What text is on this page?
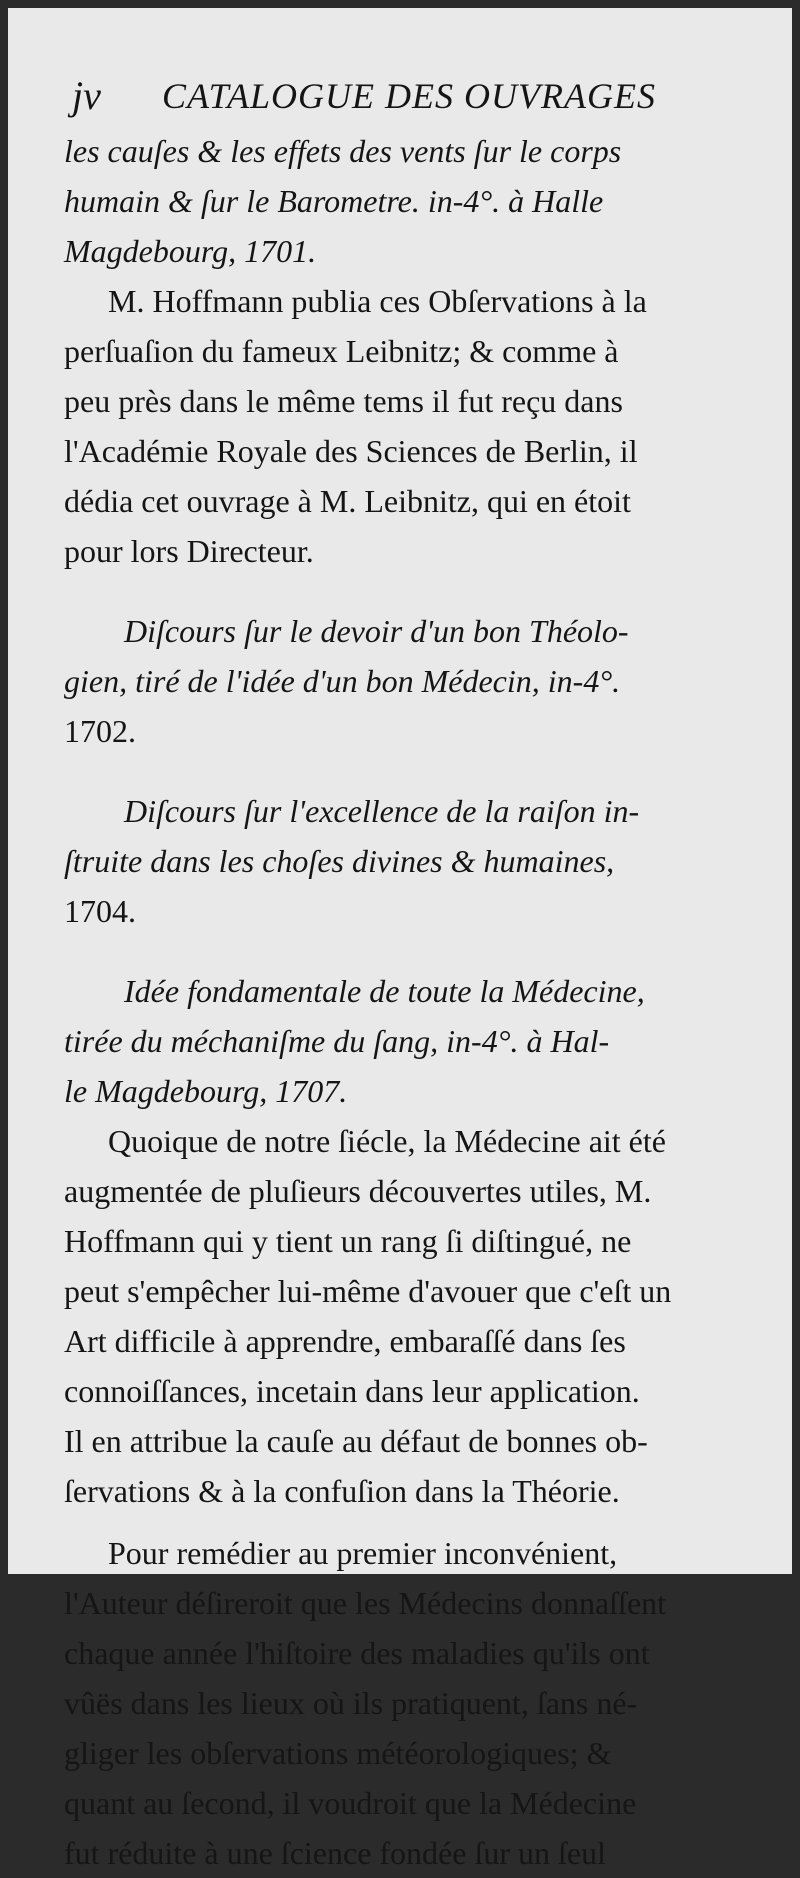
jv CATALOGUE DES OUVRAGES
les cauſes & les effets des vents ſur le corps
humain & ſur le Barometre. in-4°. à Halle
Magdebourg, 1701.
M. Hoffmann publia ces Obſervations à la
perſuaſion du fameux Leibnitz; & comme à
peu près dans le même tems il fut reçu dans
l'Académie Royale des Sciences de Berlin, il
dédia cet ouvrage à M. Leibnitz, qui en étoit
pour lors Directeur.
Diſcours ſur le devoir d'un bon Théolo-
gien, tiré de l'idée d'un bon Médecin, in-4°.
1702.
Diſcours ſur l'excellence de la raiſon in-
ſtruite dans les choſes divines & humaines,
1704.
Idée fondamentale de toute la Médecine,
tirée du méchaniſme du ſang, in-4°. à Hal-
le Magdebourg, 1707.
Quoique de notre ſiécle, la Médecine ait été
augmentée de pluſieurs découvertes utiles, M.
Hoffmann qui y tient un rang ſi diſtingué, ne
peut s'empêcher lui-même d'avouer que c'eſt un
Art difficile à apprendre, embaraſſé dans ſes
connoiſſances, incetain dans leur application.
Il en attribue la cauſe au défaut de bonnes ob-
ſervations & à la confuſion dans la Théorie.
Pour remédier au premier inconvénient,
l'Auteur déſireroit que les Médecins donnaſſent
chaque année l'hiſtoire des maladies qu'ils ont
vûës dans les lieux où ils pratiquent, ſans né-
gliger les obſervations météorologiques; &
quant au ſecond, il voudroit que la Médecine
fut réduite à une ſcience fondée ſur un ſeul
